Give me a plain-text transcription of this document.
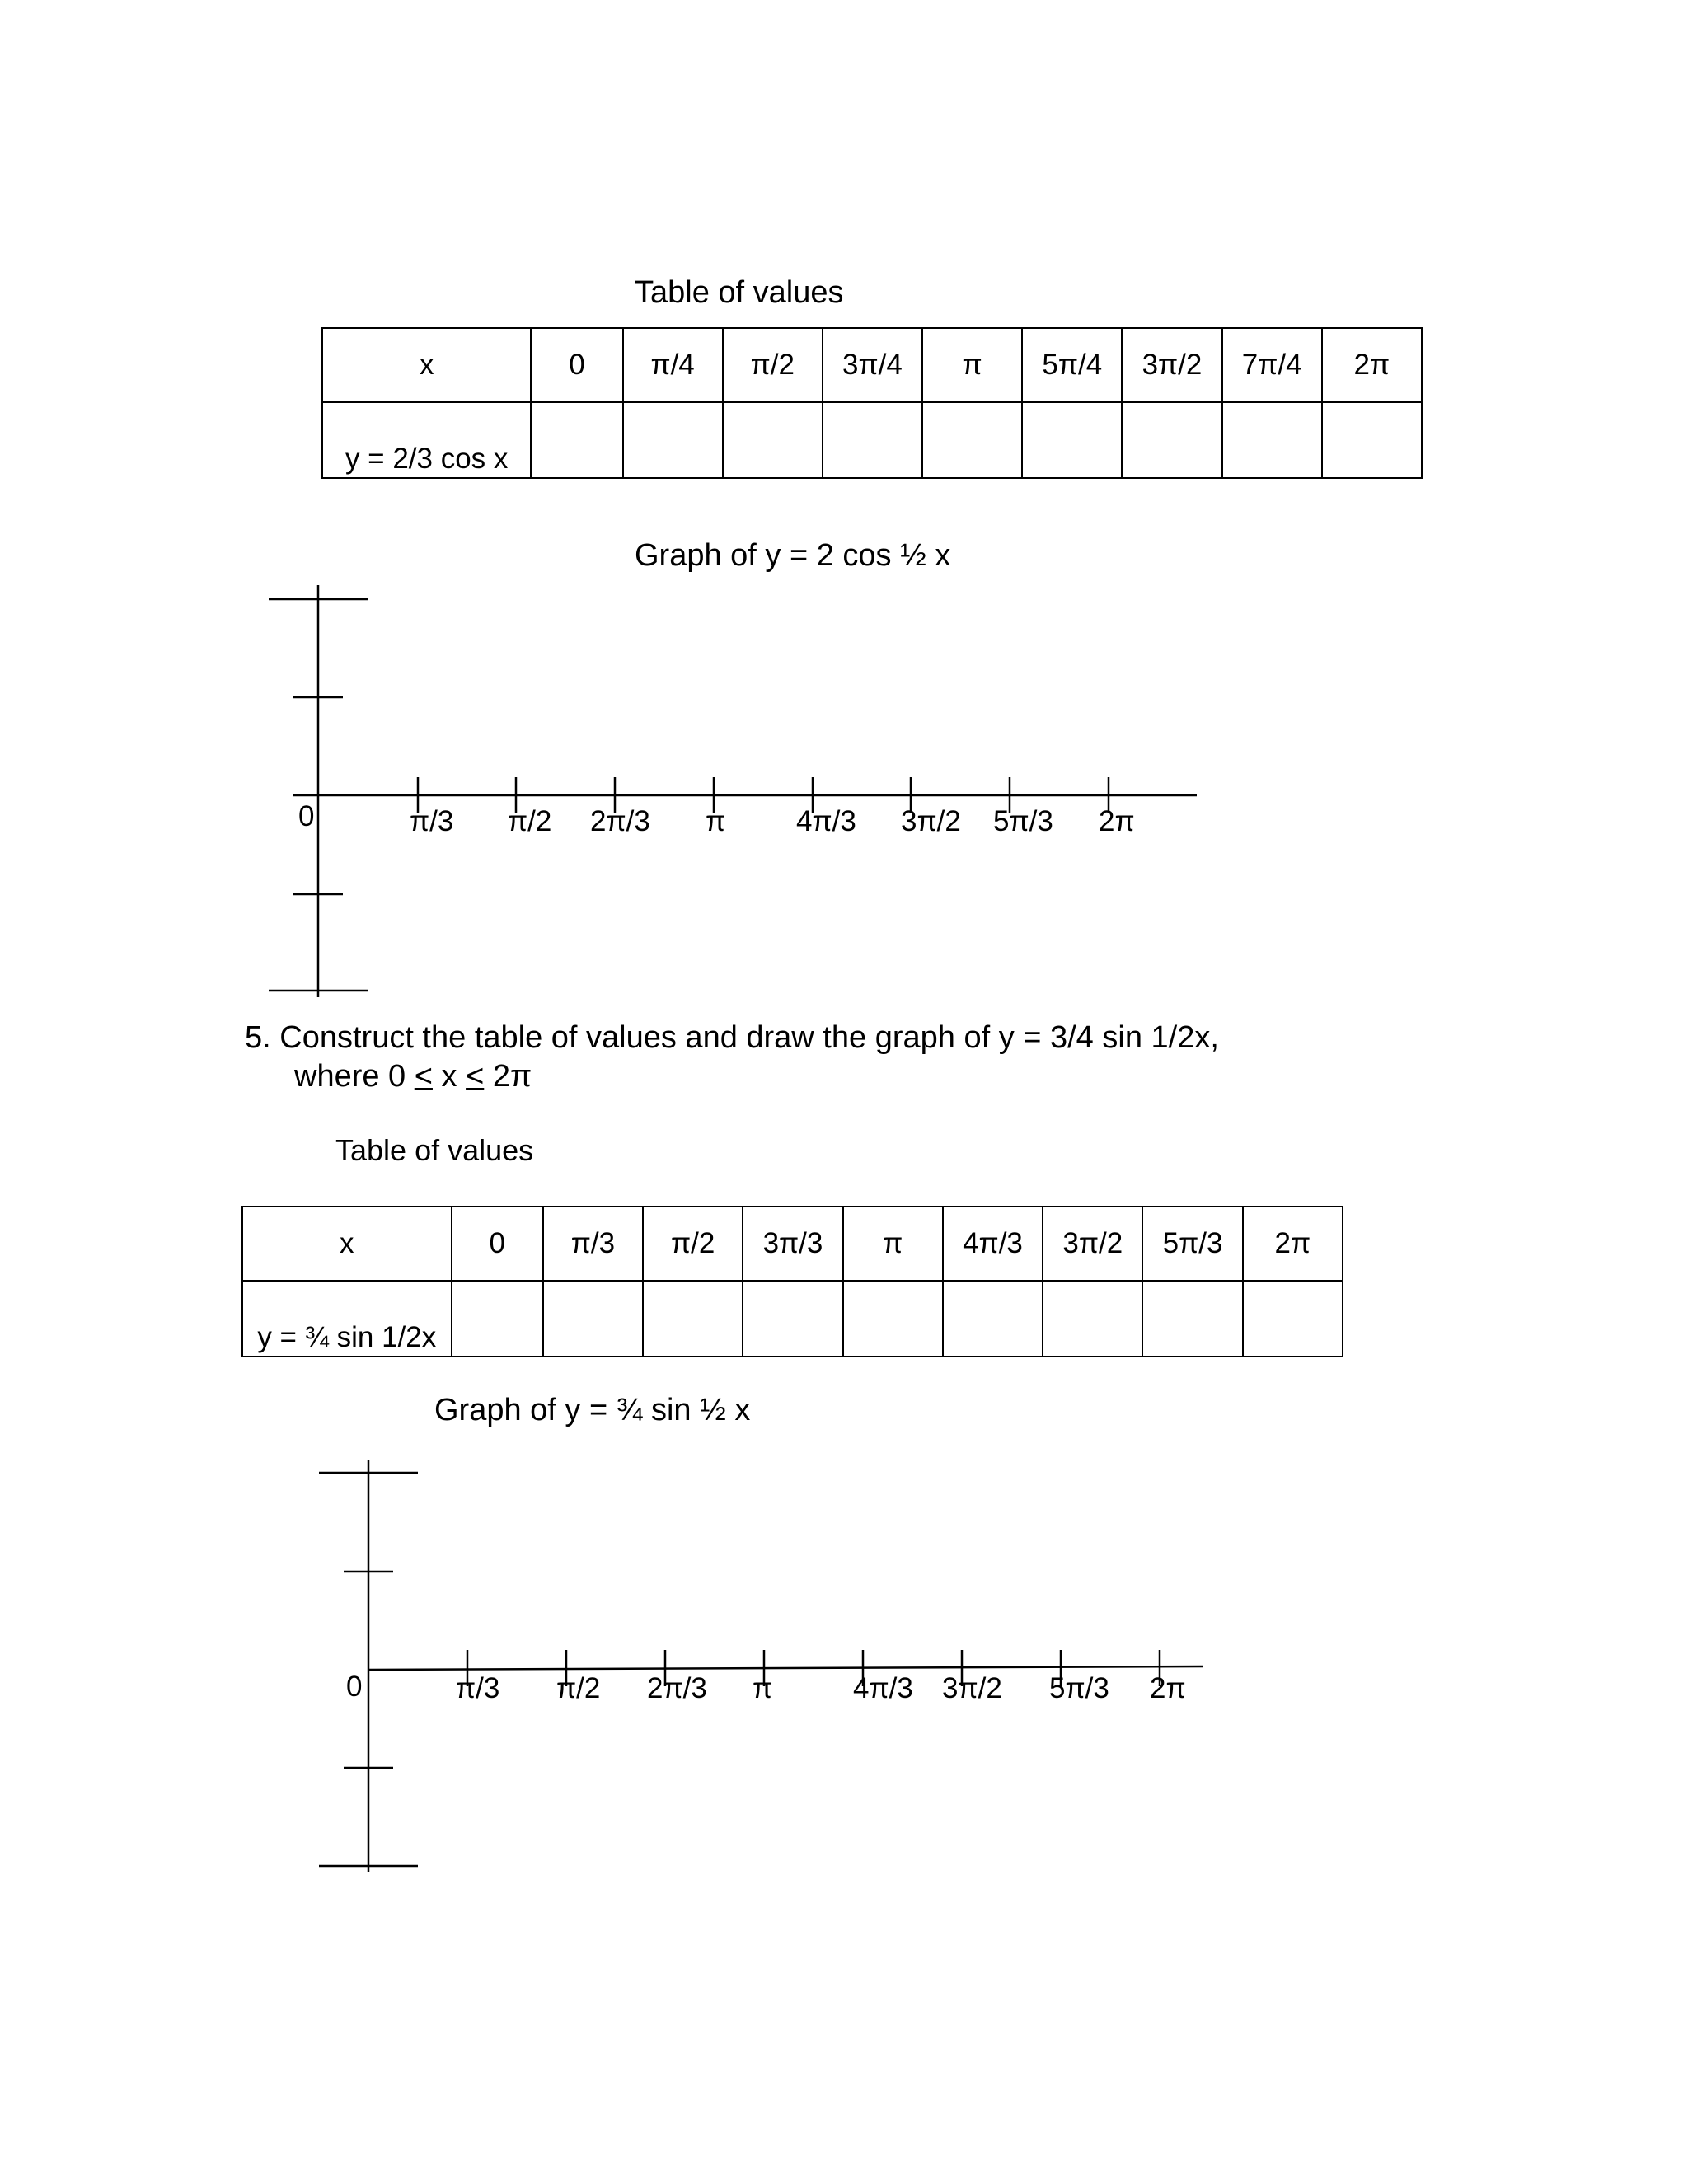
Table of values
x	0	π/4	π/2	3π/4	π	5π/4	3π/2	7π/4	2π
y = 2/3 cos x									
Graph of y = 2 cos ½ x
π/3 π/2 2π/3 π 4π/3 3π/2 5π/3 2π
0
5. Construct the table of values and draw the graph of y = 3/4 sin 1/2x,
where 0 ≤ x ≤ 2π
Table of values
x	0	π/3	π/2	3π/3	π	4π/3	3π/2	5π/3	2π
y = ¾ sin 1/2x									
Graph of y = ¾ sin ½ x
π/3 π/2 2π/3 π	4π/3 3π/2 5π/3 2π
0
